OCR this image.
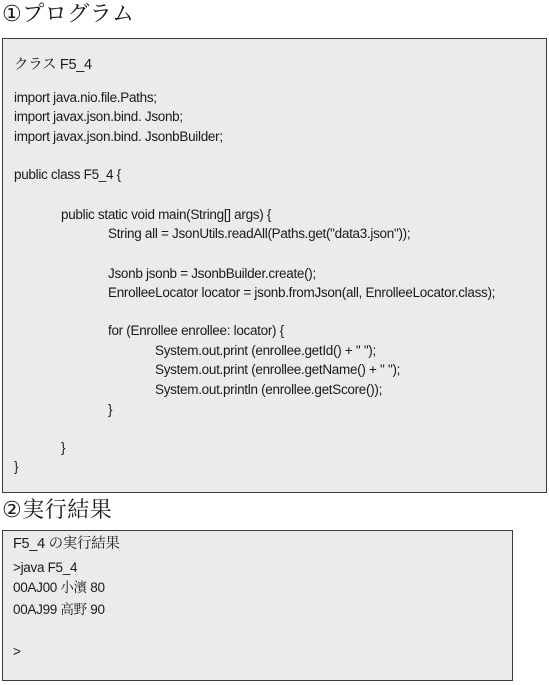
①プログラム
クラス F5_4
import java.nio.file.Paths;
import javax.json.bind. Jsonb;
import javax.json.bind. JsonbBuilder;
public class F5_4 {
public static void main(String[] args) {
String all = JsonUtils.readAll(Paths.get("data3.json"));
Jsonb jsonb = JsonbBuilder.create();
EnrolleeLocator locator = jsonb.fromJson(all, EnrolleeLocator.class);
for (Enrollee enrollee: locator) {
System.out.print (enrollee.getId() + " ");
System.out.print (enrollee.getName() + " ");
System.out.println (enrollee.getScore());
}
}
}
②実行結果
F5_4 の実行結果
>java F5_4
00AJ00 小濱 80
00AJ99 高野 90
>
